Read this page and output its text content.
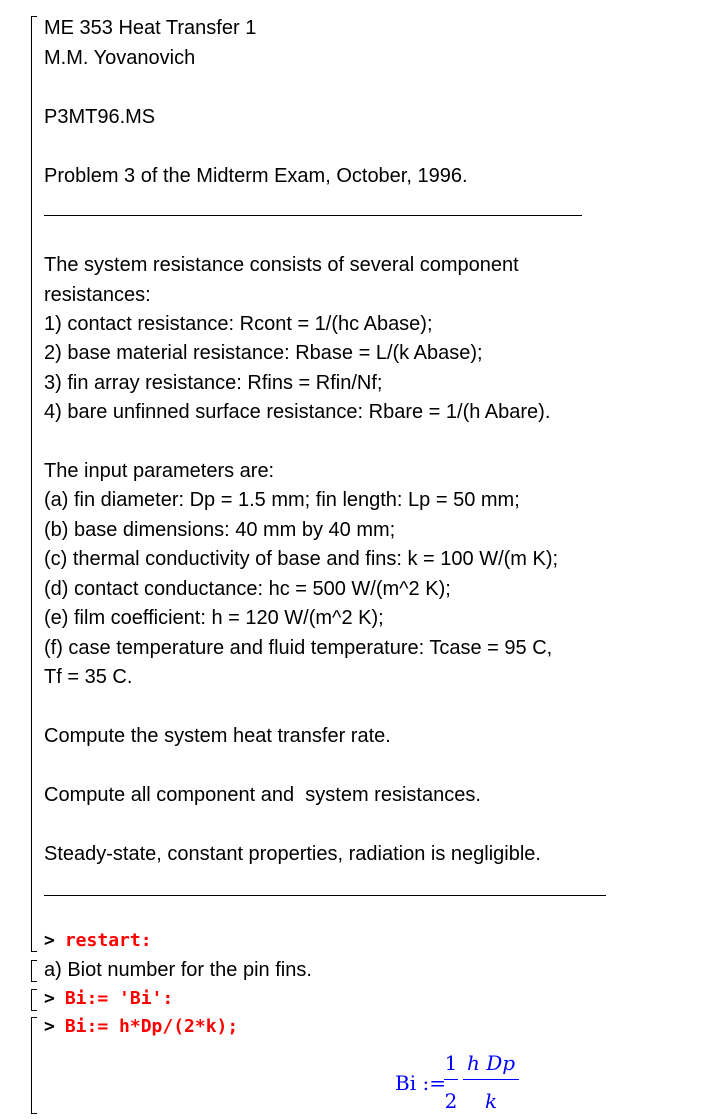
ME 353 Heat Transfer 1
M.M. Yovanovich
P3MT96.MS
Problem 3 of the Midterm Exam, October, 1996.
The system resistance consists of several component
resistances:
1) contact resistance: Rcont = 1/(hc Abase);
2) base material resistance: Rbase = L/(k Abase);
3) fin array resistance: Rfins = Rfin/Nf;
4) bare unfinned surface resistance: Rbare = 1/(h Abare).
The input parameters are:
(a) fin diameter: Dp = 1.5 mm; fin length: Lp = 50 mm;
(b) base dimensions: 40 mm by 40 mm;
(c) thermal conductivity of base and fins: k = 100 W/(m K);
(d) contact conductance: hc = 500 W/(m^2 K);
(e) film coefficient: h = 120 W/(m^2 K);
(f) case temperature and fluid temperature: Tcase = 95 C,
Tf = 35 C.
Compute the system heat transfer rate.
Compute all component and  system resistances.
Steady-state, constant properties, radiation is negligible.
> restart:
a) Biot number for the pin fins.
> Bi:= 'Bi':
> Bi:= h*Dp/(2*k);
Bi :=
1
2
h Dp
k
